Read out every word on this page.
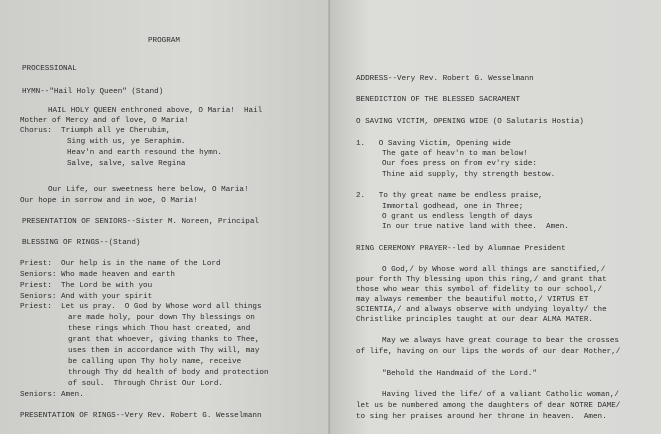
PROGRAM
PROCESSIONAL
HYMN--"Hail Holy Queen" (Stand)
HAIL HOLY QUEEN enthroned above, O Maria!  Hail
Mother of Mercy and of love, O Maria!
Chorus:  Triumph all ye Cherubim,
Sing with us, ye Seraphim.
Heav'n and earth resound the hymn.
Salve, salve, salve Regina
Our Life, our sweetness here below, O Maria!
Our hope in sorrow and in woe, O Maria!
PRESENTATION OF SENIORS--Sister M. Noreen, Principal
BLESSING OF RINGS--(Stand)
Priest:  Our help is in the name of the Lord
Seniors: Who made heaven and earth
Priest:  The Lord be with you
Seniors: And with your spirit
Priest:  Let us pray.  O God by Whose word all things
are made holy, pour down Thy blessings on
these rings which Thou hast created, and
grant that whoever, giving thanks to Thee,
uses them in accordance with Thy will, may
be calling upon Thy holy name, receive
through Thy dd health of body and protection
of soul.  Through Christ Our Lord.
Seniors: Amen.
PRESENTATION OF RINGS--Very Rev. Robert G. Wesselmann
ADDRESS--Very Rev. Robert G. Wesselmann
BENEDICTION OF THE BLESSED SACRAMENT
O SAVING VICTIM, OPENING WIDE (O Salutaris Hostia)
1.   O Saving Victim, Opening wide
The gate of heav'n to man below!
Our foes press on from ev'ry side:
Thine aid supply, thy strength bestow.
2.   To thy great name be endless praise,
Immortal godhead, one in Three;
O grant us endless length of days
In our true native land with thee.  Amen.
RING CEREMONY PRAYER--led by Alumnae President
O God,/ by Whose word all things are sanctified,/
pour forth Thy blessing upon this ring,/ and grant that
those who wear this symbol of fidelity to our school,/
may always remember the beautiful motto,/ VIRTUS ET
SCIENTIA,/ and always observe with undying loyalty/ the
Christlike principles taught at our dear ALMA MATER.
May we always have great courage to bear the crosses
of life, having on our lips the words of our dear Mother,/
"Behold the Handmaid of the Lord."
Having lived the life/ of a valiant Catholic woman,/
let us be numbered among the daughters of dear NOTRE DAME/
to sing her praises around her throne in heaven.  Amen.
